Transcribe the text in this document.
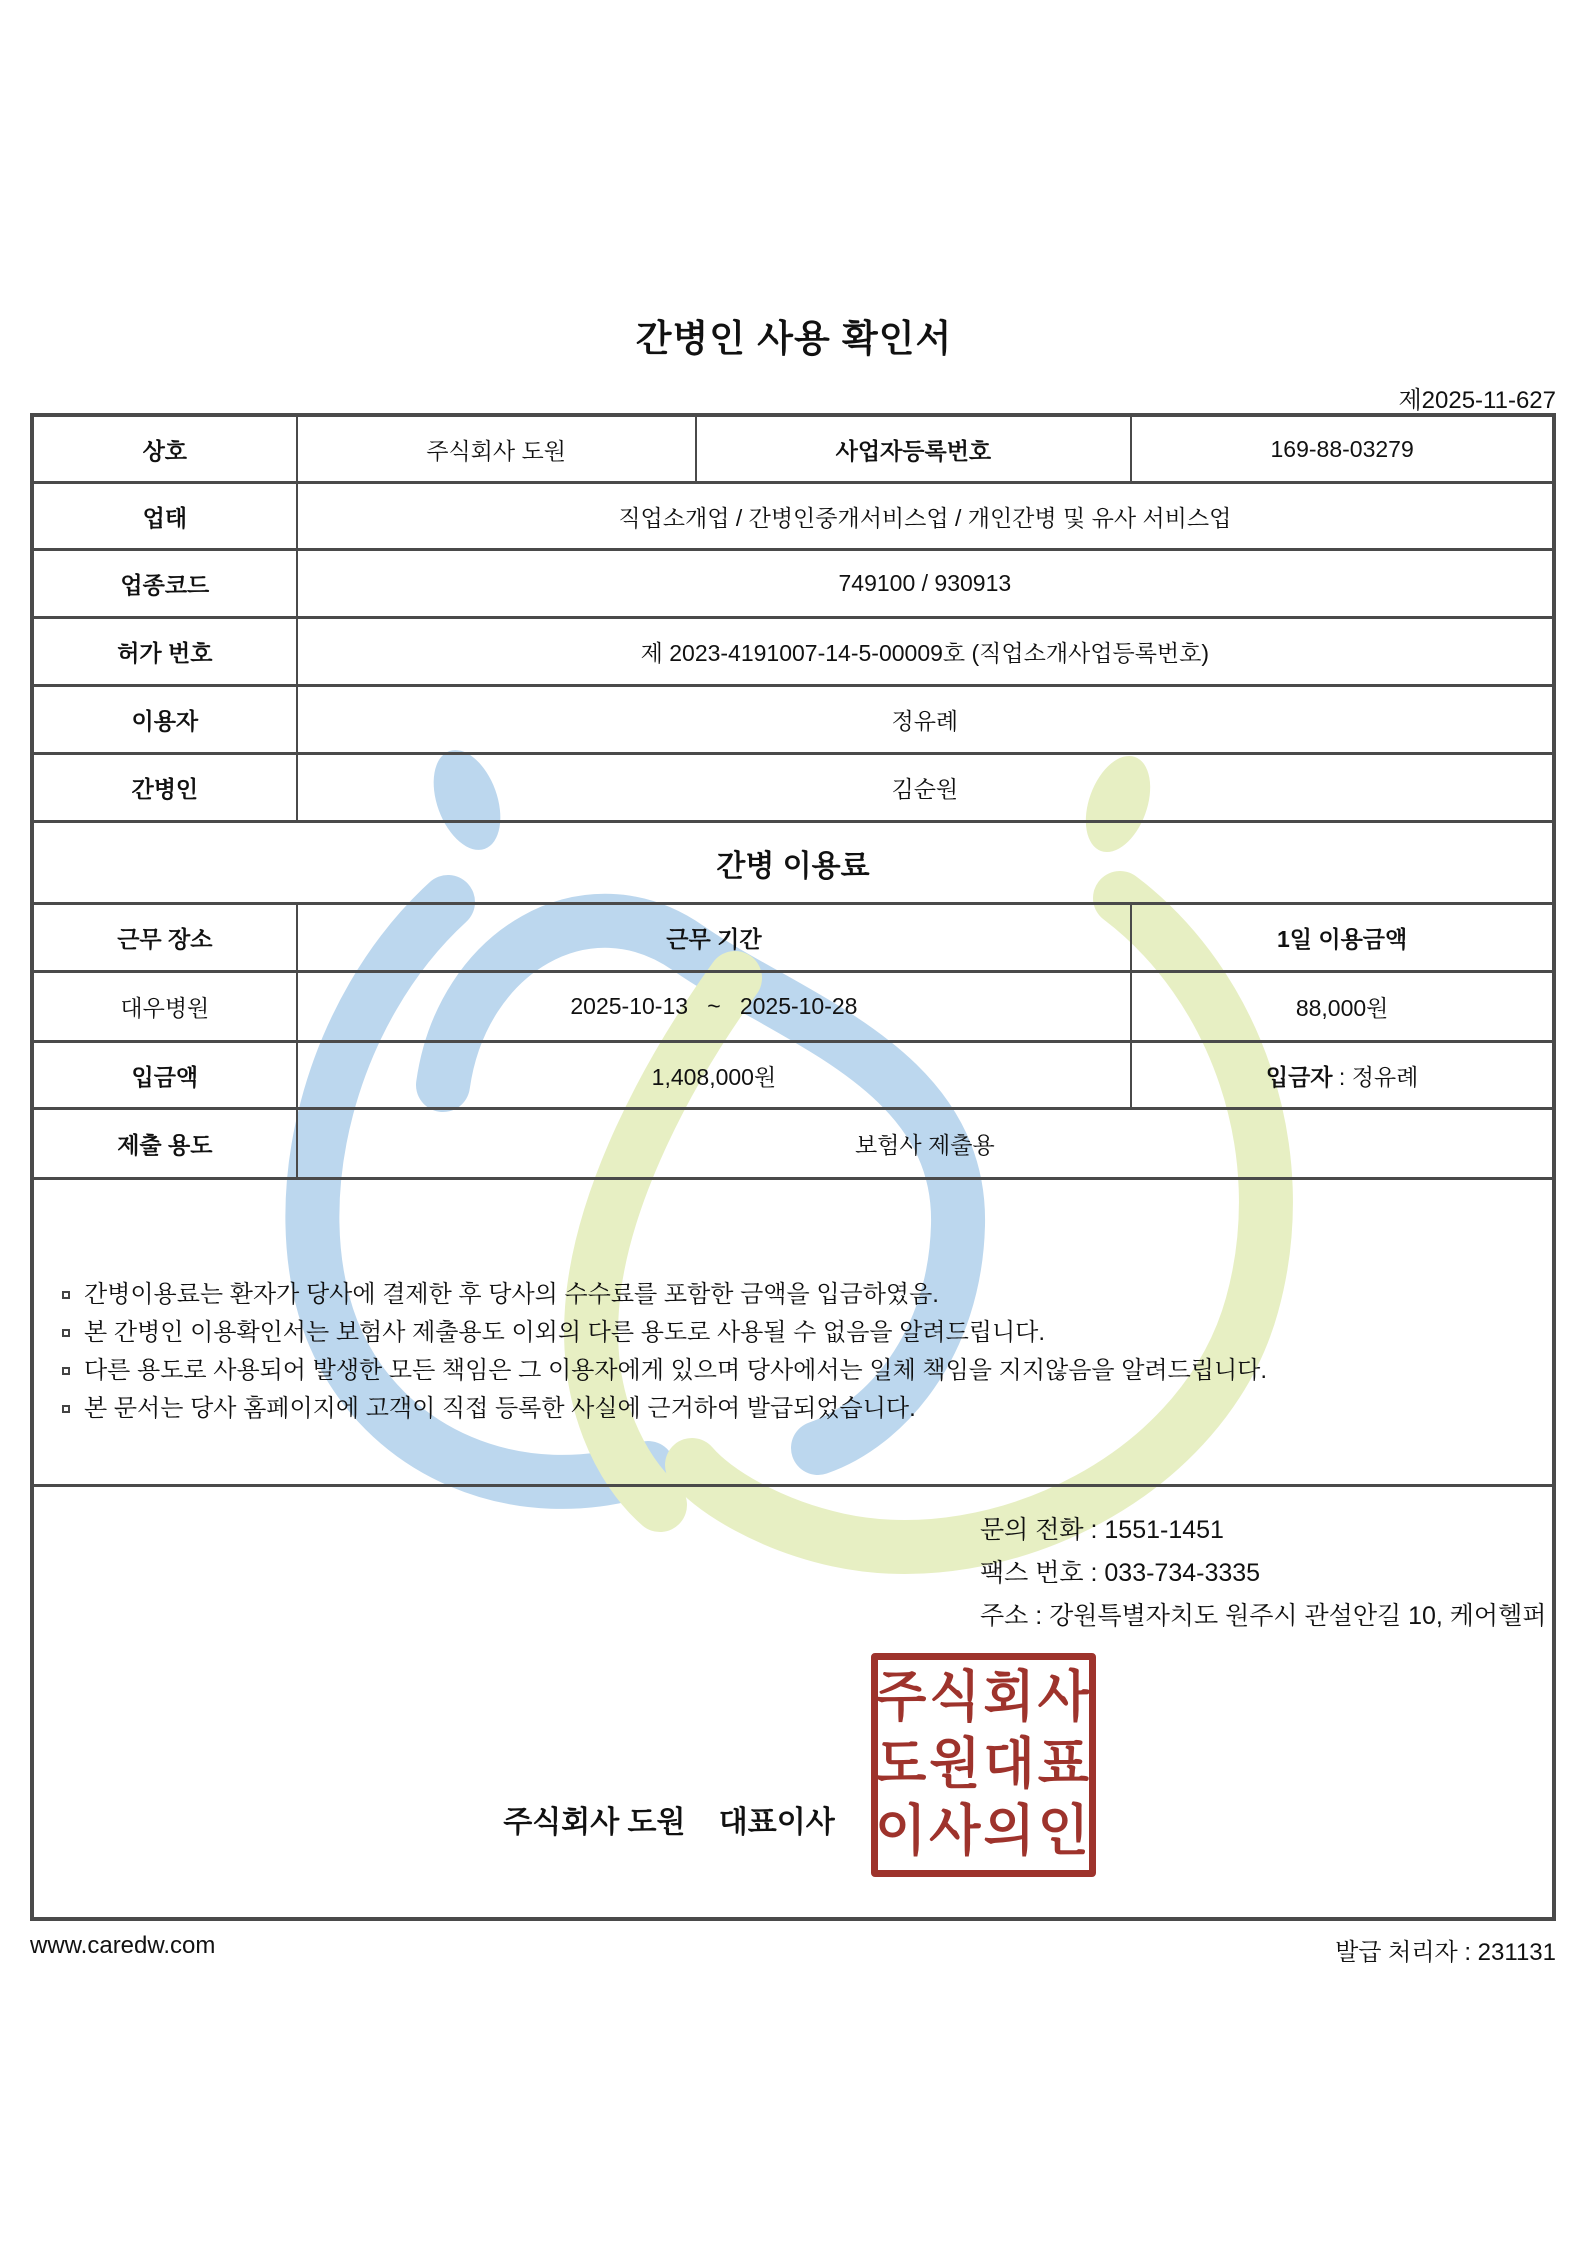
간병인 사용 확인서
제2025-11-627
상호	주식회사 도원	사업자등록번호	169-88-03279
업태	직업소개업 / 간병인중개서비스업 / 개인간병 및 유사 서비스업
업종코드	749100 / 930913
허가 번호	제 2023-4191007-14-5-00009호 (직업소개사업등록번호)
이용자	정유례
간병인	김순원
간병 이용료
근무 장소	근무 기간	1일 이용금액
대우병원	2025-10-13   ~   2025-10-28	88,000원
입금액	1,408,000원	입금자 : 정유례
제출 용도	보험사 제출용
간병이용료는 환자가 당사에 결제한 후 당사의 수수료를 포함한 금액을 입금하였음.
본 간병인 이용확인서는 보험사 제출용도 이외의 다른 용도로 사용될 수 없음을 알려드립니다.
다른 용도로 사용되어 발생한 모든 책임은 그 이용자에게 있으며 당사에서는 일체 책임을 지지않음을 알려드립니다.
본 문서는 당사 홈페이지에 고객이 직접 등록한 사실에 근거하여 발급되었습니다.
문의 전화 : 1551-1451
팩스 번호 : 033-734-3335
주소 : 강원특별자치도 원주시 관설안길 10, 케어헬퍼
주식회사 도원    대표이사
주식회사
도원대표
이사의인
www.caredw.com	발급 처리자 : 231131
